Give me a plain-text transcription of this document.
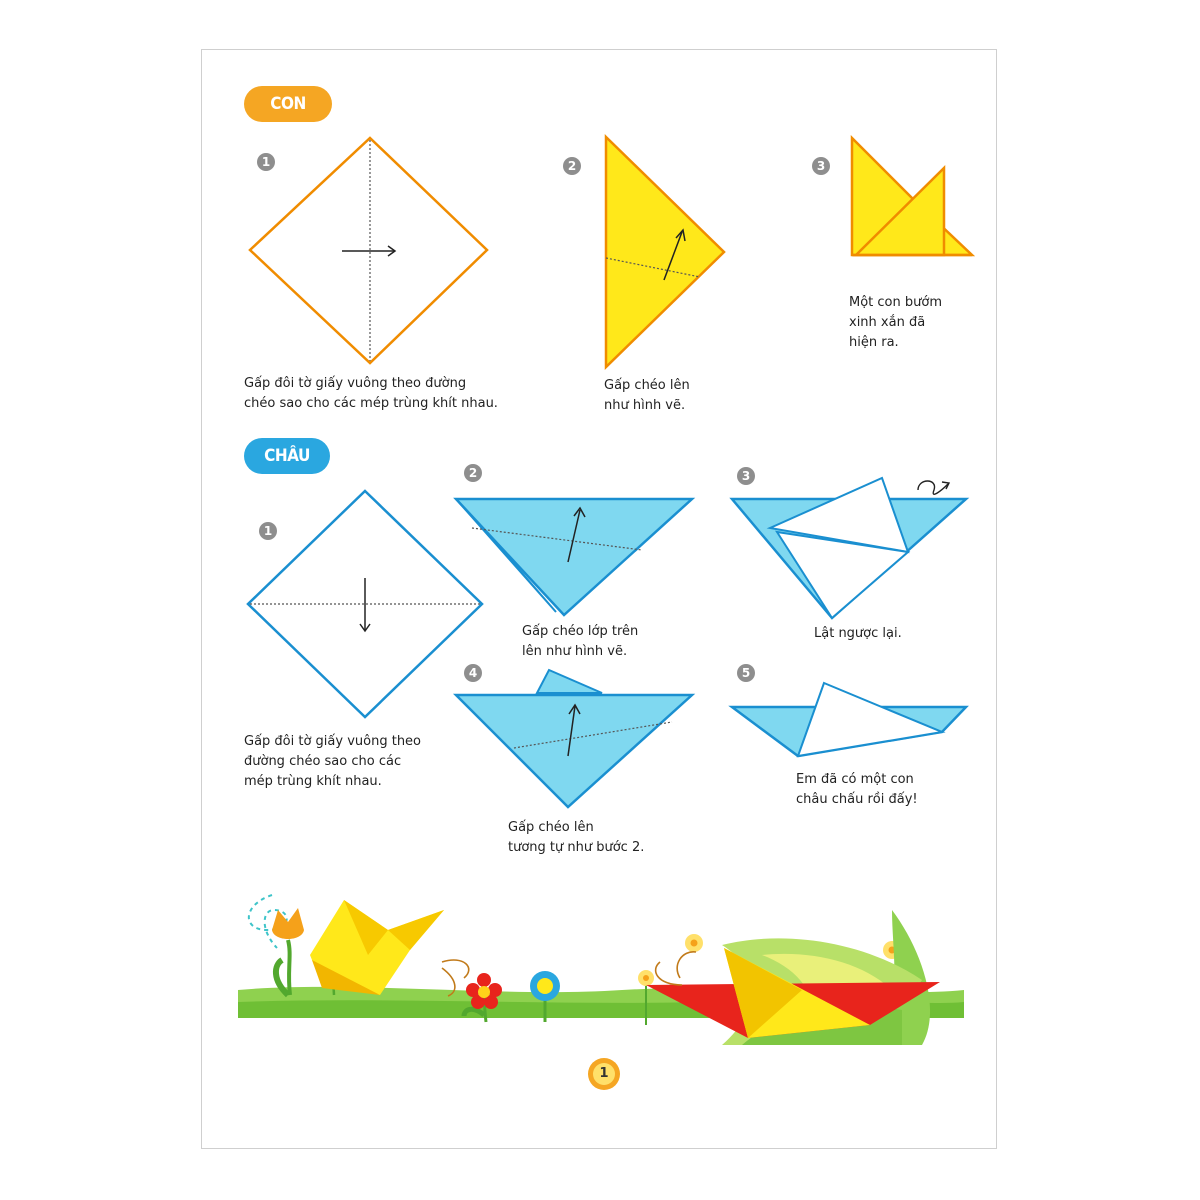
CON BƯỚM
1	2	3
Gấp đôi tờ giấy vuông theo đường
chéo sao cho các mép trùng khít nhau.
Gấp chéo lên
như hình vẽ.
Một con bướm
xinh xắn đã
hiện ra.
CHÂU CHẤU
1
2	3
4	5
Gấp đôi tờ giấy vuông theo
đường chéo sao cho các
mép trùng khít nhau.
Gấp chéo lớp trên
lên như hình vẽ.
Lật ngược lại.
Gấp chéo lên
tương tự như bước 2.
Em đã có một con
châu chấu rồi đấy!
1
